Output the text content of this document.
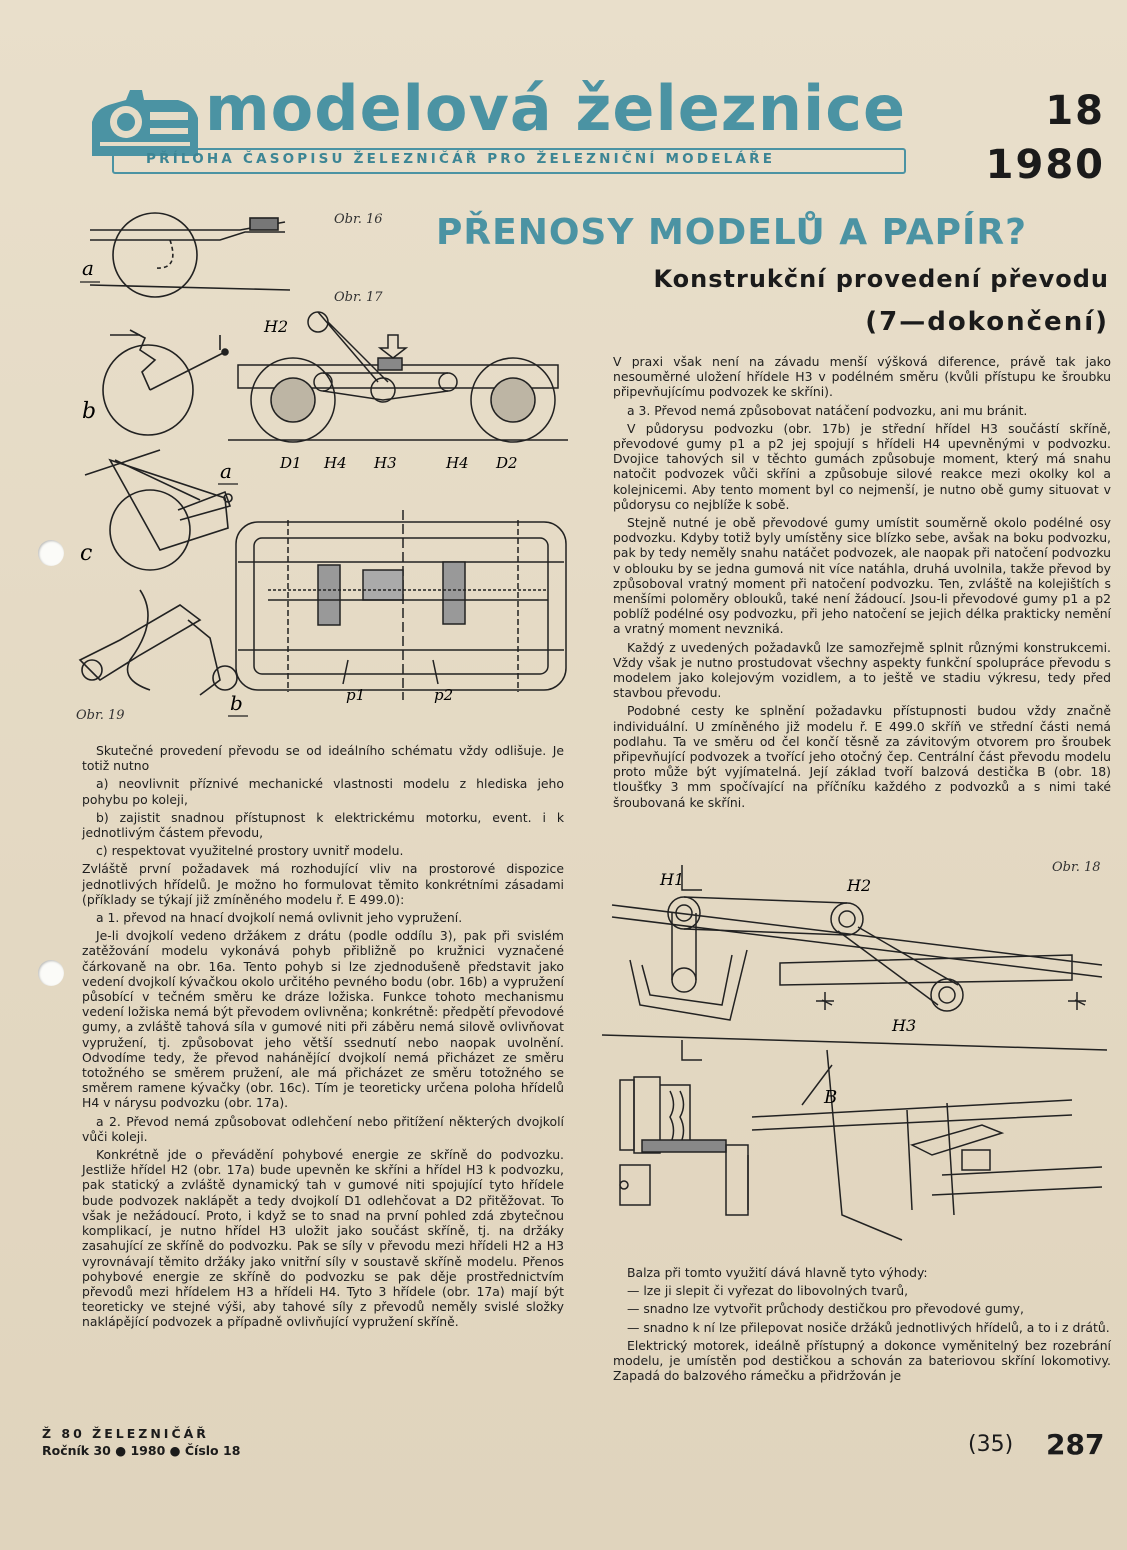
modelová železnice
PŘÍLOHA ČASOPISU ŽELEZNIČÁŘ PRO ŽELEZNIČNÍ MODELÁŘE
18
1980
PŘENOSY MODELŮ A PAPÍR?
Konstrukční provedení převodu
(7—dokončení)
Obr. 16
Obr. 17
a
b
c
Obr. 19
H2
D1 H4 H3	H4 D2
a
p1	p2
b

Skutečné provedení převodu se od ideálního schématu vždy odlišuje. Je totiž nutno

a) neovlivnit příznivé mechanické vlastnosti modelu z hlediska jeho pohybu po koleji,

b) zajistit snadnou přístupnost k elektrickému motorku, event. i k jednotlivým částem převodu,

c) respektovat využitelné prostory uvnitř modelu.

Zvláště první požadavek má rozhodující vliv na prostorové dispozice jednotlivých hřídelů. Je možno ho formulovat těmito konkrétními zásadami (příklady se týkají již zmíněného modelu ř. E 499.0):

a 1. převod na hnací dvojkolí nemá ovlivnit jeho vypružení.

Je-li dvojkolí vedeno držákem z drátu (podle oddílu 3), pak při svislém zatěžování modelu vykonává pohyb přibližně po kružnici vyznačené čárkovaně na obr. 16a. Tento pohyb si lze zjednodušeně představit jako vedení dvojkolí kývačkou okolo určitého pevného bodu (obr. 16b) a vypružení působící v tečném směru ke dráze ložiska. Funkce tohoto mechanismu vedení ložiska nemá být převodem ovlivněna; konkrétně: předpětí převodové gumy, a zvláště tahová síla v gumové niti při záběru nemá silově ovlivňovat vypružení, tj. způsobovat jeho větší ssednutí nebo naopak uvolnění. Odvodíme tedy, že převod nahánějící dvojkolí nemá přicházet ze směru totožného se směrem pružení, ale má přicházet ze směru totožného se směrem ramene kývačky (obr. 16c). Tím je teoreticky určena poloha hřídelů H4 v nárysu podvozku (obr. 17a).

a 2. Převod nemá způsobovat odlehčení nebo přitížení některých dvojkolí vůči koleji.

Konkrétně jde o převádění pohybové energie ze skříně do podvozku. Jestliže hřídel H2 (obr. 17a) bude upevněn ke skříni a hřídel H3 k podvozku, pak statický a zvláště dynamický tah v gumové niti spojující tyto hřídele bude podvozek naklápět a tedy dvojkolí D1 odlehčovat a D2 přitěžovat. To však je nežádoucí. Proto, i když se to snad na první pohled zdá zbytečnou komplikací, je nutno hřídel H3 uložit jako součást skříně, tj. na držáky zasahující ze skříně do podvozku. Pak se síly v převodu mezi hřídeli H2 a H3 vyrovnávají těmito držáky jako vnitřní síly v soustavě skříně modelu. Přenos pohybové energie ze skříně do podvozku se pak děje prostřednictvím převodů mezi hřídelem H3 a hřídeli H4. Tyto 3 hřídele (obr. 17a) mají být teoreticky ve stejné výši, aby tahové síly z převodů neměly svislé složky naklápějící podvozek a případně ovlivňující vypružení skříně.

V praxi však není na závadu menší výšková diference, právě tak jako nesouměrné uložení hřídele H3 v podélném směru (kvůli přístupu ke šroubku připevňujícímu podvozek ke skříni).

a 3. Převod nemá způsobovat natáčení podvozku, ani mu bránit.

V půdorysu podvozku (obr. 17b) je střední hřídel H3 součástí skříně, převodové gumy p1 a p2 jej spojují s hřídeli H4 upevněnými v podvozku. Dvojice tahových sil v těchto gumách způsobuje moment, který má snahu natočit podvozek vůči skříni a způsobuje silové reakce mezi okolky kol a kolejnicemi. Aby tento moment byl co nejmenší, je nutno obě gumy situovat v půdorysu co nejblíže k sobě.

Stejně nutné je obě převodové gumy umístit souměrně okolo podélné osy podvozku. Kdyby totiž byly umístěny sice blízko sebe, avšak na boku podvozku, pak by tedy neměly snahu natáčet podvozek, ale naopak při natočení podvozku v oblouku by se jedna gumová nit více natáhla, druhá uvolnila, takže převod by způsoboval vratný moment při natočení podvozku. Ten, zvláště na kolejištích s menšími poloměry oblouků, také není žádoucí. Jsou-li převodové gumy p1 a p2 poblíž podélné osy podvozku, při jeho natočení se jejich délka prakticky nemění a vratný moment nevzniká.

Každý z uvedených požadavků lze samozřejmě splnit různými konstrukcemi. Vždy však je nutno prostudovat všechny aspekty funkční spolupráce převodu s modelem jako kolejovým vozidlem, a to ještě ve stadiu výkresu, tedy před stavbou převodu.

Podobné cesty ke splnění požadavku přístupnosti budou vždy značně individuální. U zmíněného již modelu ř. E 499.0 skříň ve střední části nemá podlahu. Ta ve směru od čel končí těsně za závitovým otvorem pro šroubek připevňující podvozek a tvořící jeho otočný čep. Centrální část převodu modelu proto může být vyjímatelná. Její základ tvoří balzová destička B (obr. 18) tloušťky 3 mm spočívající na příčníku každého z podvozků a s nimi také šroubovaná ke skříni.

Obr. 18
H1	H2
H3
B

Balza při tomto využití dává hlavně tyto výhody:

— lze ji slepit či vyřezat do libovolných tvarů,

— snadno lze vytvořit průchody destičkou pro převodové gumy,

— snadno k ní lze přilepovat nosiče držáků jednotlivých hřídelů, a to i z drátů.

Elektrický motorek, ideálně přístupný a dokonce vyměnitelný bez rozebrání modelu, je umístěn pod destičkou a schován za bateriovou skříní lokomotivy. Zapadá do balzového rámečku a přidržován je

Ž 80 ŽELEZNIČÁŘ
Ročník 30 ● 1980 ● Číslo 18	(35) 287
